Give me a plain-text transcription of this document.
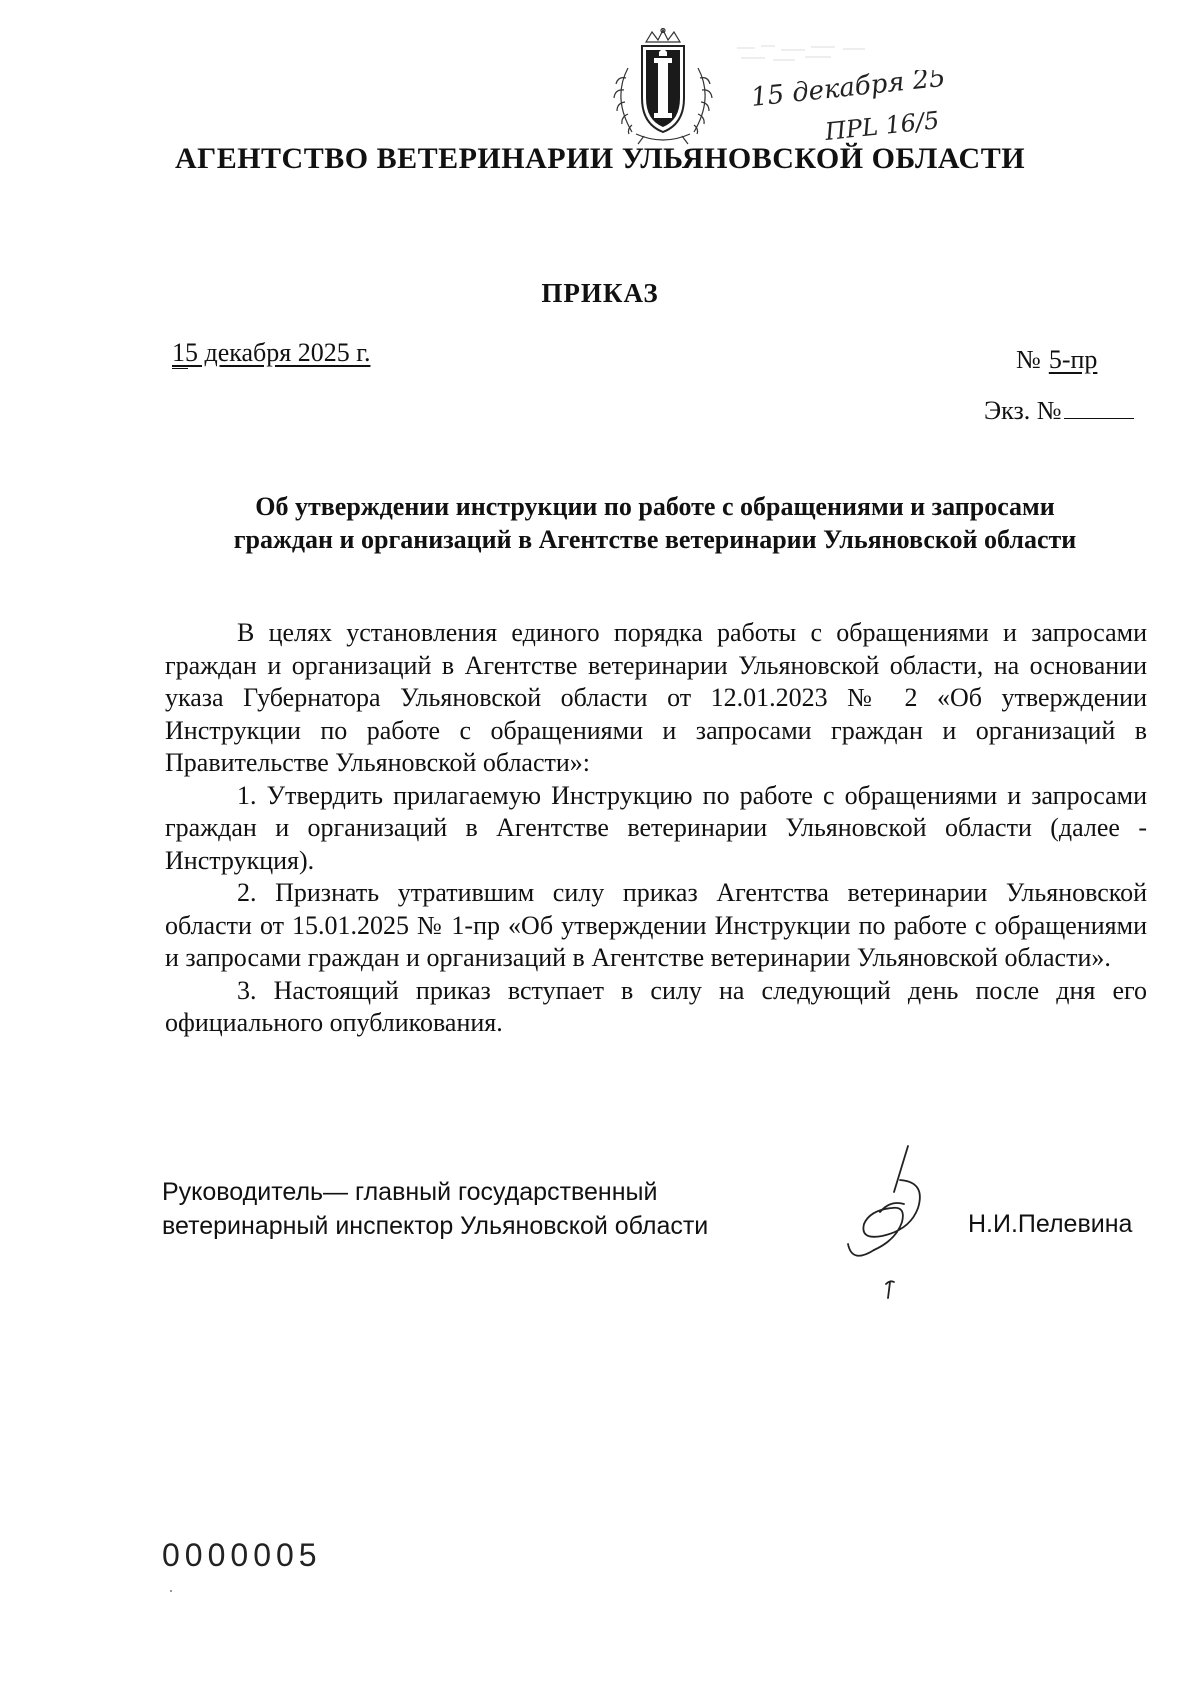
15 декабря 25
ПРL 16/5
АГЕНТСТВО ВЕТЕРИНАРИИ УЛЬЯНОВСКОЙ ОБЛАСТИ
ПРИКАЗ
15 декабря 2025 г.	№ 5-пр
Экз. №
Об утверждении инструкции по работе с обращениями и запросами
граждан и организаций в Агентстве ветеринарии Ульяновской области

В целях установления единого порядка работы с обращениями и запросами граждан и организаций в Агентстве ветеринарии Ульяновской области, на основании указа Губернатора Ульяновской области от 12.01.2023 № 2 «Об утверждении Инструкции по работе с обращениями и запросами граждан и организаций в Правительстве Ульяновской области»:

1. Утвердить прилагаемую Инструкцию по работе с обращениями и запросами граждан и организаций в Агентстве ветеринарии Ульяновской области (далее - Инструкция).

2. Признать утратившим силу приказ Агентства ветеринарии Ульяновской области от 15.01.2025 № 1-пр «Об утверждении Инструкции по работе с обращениями и запросами граждан и организаций в Агентстве ветеринарии Ульяновской области».

3. Настоящий приказ вступает в силу на следующий день после дня его официального опубликования.

Руководитель— главный государственный
ветеринарный инспектор Ульяновской области	Н.И.Пелевина
0000005
